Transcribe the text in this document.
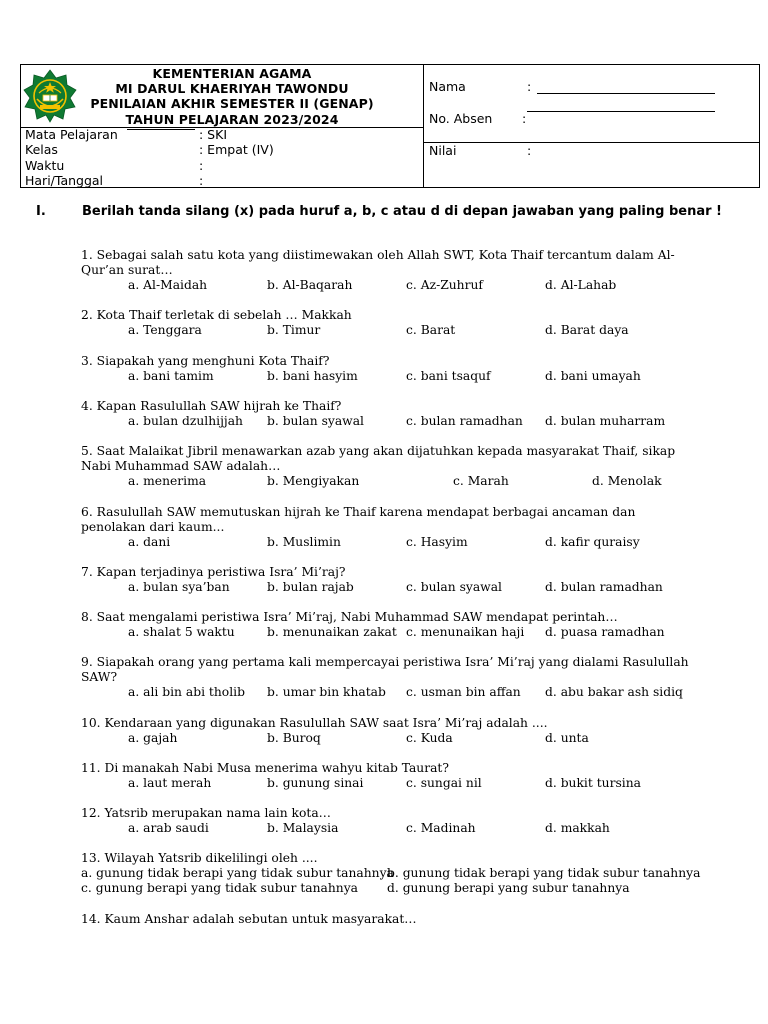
KEMENTERIAN AGAMA
MI DARUL KHAERIYAH TAWONDU
PENILAIAN AKHIR SEMESTER II (GENAP)
TAHUN PELAJARAN 2023/2024
Mata Pelajaran	: SKI
Kelas	: Empat (IV)
Waktu	:
Hari/Tanggal	:
Nama	:
No. Absen :
Nilai	:
I.	Berilah tanda silang (x) pada huruf a, b, c atau d di depan jawaban yang paling benar !
1. Sebagai salah satu kota yang diistimewakan oleh Allah SWT, Kota Thaif tercantum dalam Al-Qur’an surat…
a. Al-Maidah	b. Al-Baqarah	c. Az-Zuhruf	d. Al-Lahab
2. Kota Thaif terletak di sebelah … Makkah
a. Tenggara	b. Timur	c. Barat	d. Barat daya
3. Siapakah yang menghuni Kota Thaif?
a. bani tamim	b. bani hasyim	c. bani tsaquf	d. bani umayah
4. Kapan Rasulullah SAW hijrah ke Thaif?
a. bulan dzulhijjah b. bulan syawal	c. bulan ramadhan d. bulan muharram
5. Saat Malaikat Jibril menawarkan azab yang akan dijatuhkan kepada masyarakat Thaif, sikap Nabi Muhammad SAW adalah…
a. menerima	b. Mengiyakan	c. Marah	d. Menolak
6. Rasulullah SAW memutuskan hijrah ke Thaif karena mendapat berbagai ancaman dan penolakan dari kaum...
a. dani	b. Muslimin	c. Hasyim	d. kafir quraisy
7. Kapan terjadinya peristiwa Isra’ Mi’raj?
a. bulan sya’ban	b. bulan rajab	c. bulan syawal	d. bulan ramadhan
8. Saat mengalami peristiwa Isra’ Mi’raj, Nabi Muhammad SAW mendapat perintah…
a. shalat 5 waktu	b. menunaikan zakat c. menunaikan haji d. puasa ramadhan
9. Siapakah orang yang pertama kali mempercayai peristiwa Isra’ Mi’raj yang dialami Rasulullah SAW?
a. ali bin abi tholib b. umar bin khatab c. usman bin affan d. abu bakar ash sidiq
10. Kendaraan yang digunakan Rasulullah SAW saat Isra’ Mi’raj adalah ....
a. gajah	b. Buroq	c. Kuda	d. unta
11. Di manakah Nabi Musa menerima wahyu kitab Taurat?
a. laut merah	b. gunung sinai	c. sungai nil	d. bukit tursina
12. Yatsrib merupakan nama lain kota…
a. arab saudi	b. Malaysia	c. Madinah	d. makkah
13. Wilayah Yatsrib dikelilingi oleh ....
a. gunung tidak berapi yang tidak subur tanahnya
b. gunung tidak berapi yang tidak subur tanahnya
c. gunung berapi yang tidak subur tanahnya d. gunung berapi yang subur tanahnya
14. Kaum Anshar adalah sebutan untuk masyarakat…
